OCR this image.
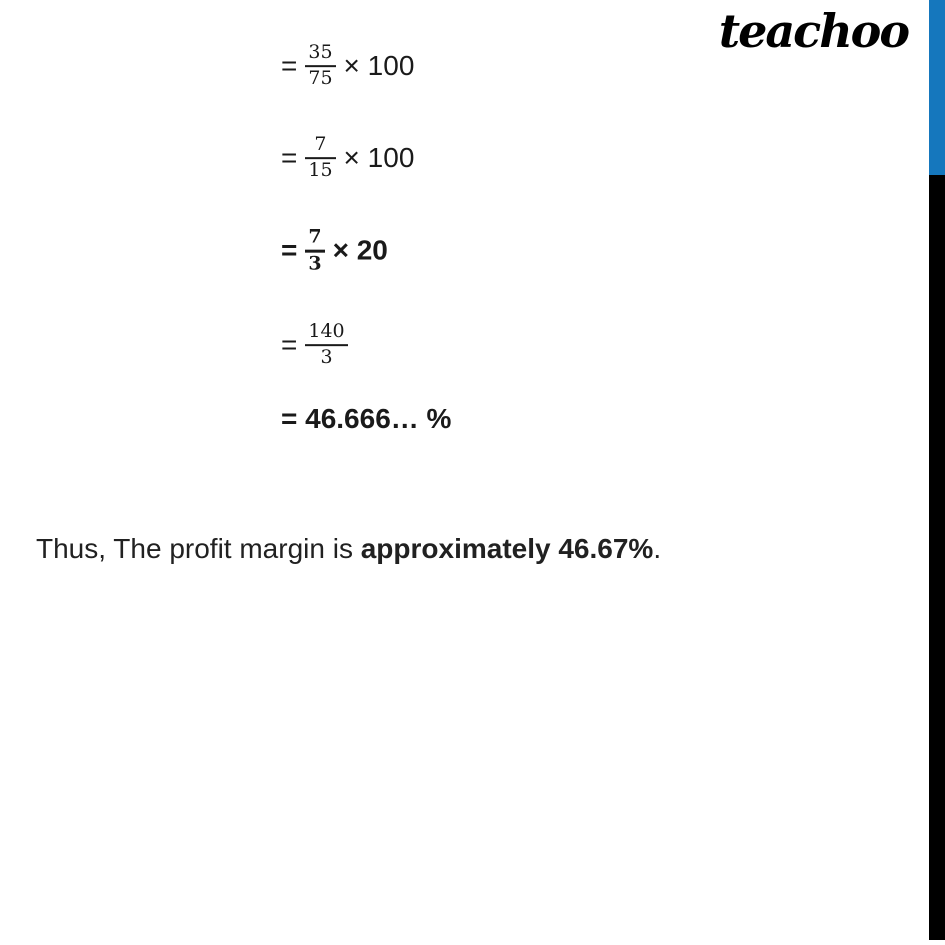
teachoo
= $\frac{35}{75} \times 100$
= $\frac{7}{15} \times 100$
= $\frac{7}{3} \times 20$
= $\frac{140}{3}$
= 46.666… %
Thus, The profit margin is approximately 46.67%.
